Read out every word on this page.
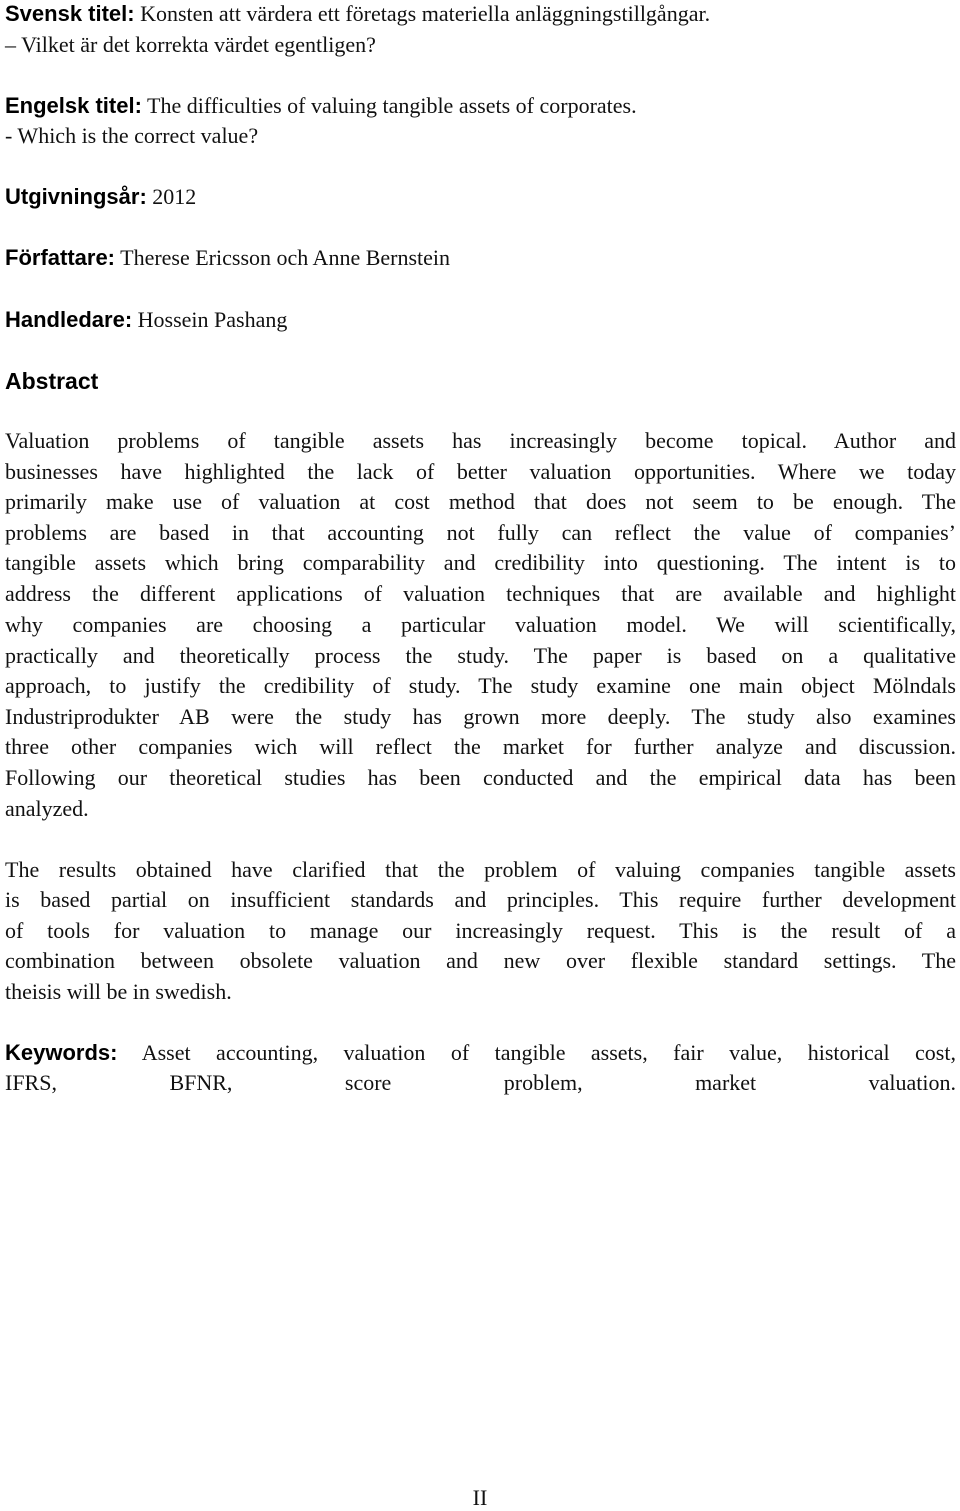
Svensk titel: Konsten att värdera ett företags materiella anläggningstillgångar.
– Vilket är det korrekta värdet egentligen?
Engelsk titel: The difficulties of valuing tangible assets of corporates.
- Which is the correct value?
Utgivningsår: 2012
Författare: Therese Ericsson och Anne Bernstein
Handledare: Hossein Pashang
Abstract
Valuation problems of tangible assets has increasingly become topical. Author and
businesses have highlighted the lack of better valuation opportunities. Where we today
primarily make use of valuation at cost method that does not seem to be enough. The
problems are based in that accounting not fully can reflect the value of companies’
tangible assets which bring comparability and credibility into questioning. The intent is to
address the different applications of valuation techniques that are available and highlight
why companies are choosing a particular valuation model. We will scientifically,
practically and theoretically process the study. The paper is based on a qualitative
approach, to justify the credibility of study. The study examine one main object Mölndals
Industriprodukter AB were the study has grown more deeply. The study also examines
three other companies wich will reflect the market for further analyze and discussion.
Following our theoretical studies has been conducted and the empirical data has been
analyzed.
The results obtained have clarified that the problem of valuing companies tangible assets
is based partial on insufficient standards and principles. This require further development
of tools for valuation to manage our increasingly request. This is the result of a
combination between obsolete valuation and new over flexible standard settings. The
theisis will be in swedish.
Keywords: Asset accounting, valuation of tangible assets, fair value, historical cost,
IFRS, BFNR, score problem, market valuation.
II
